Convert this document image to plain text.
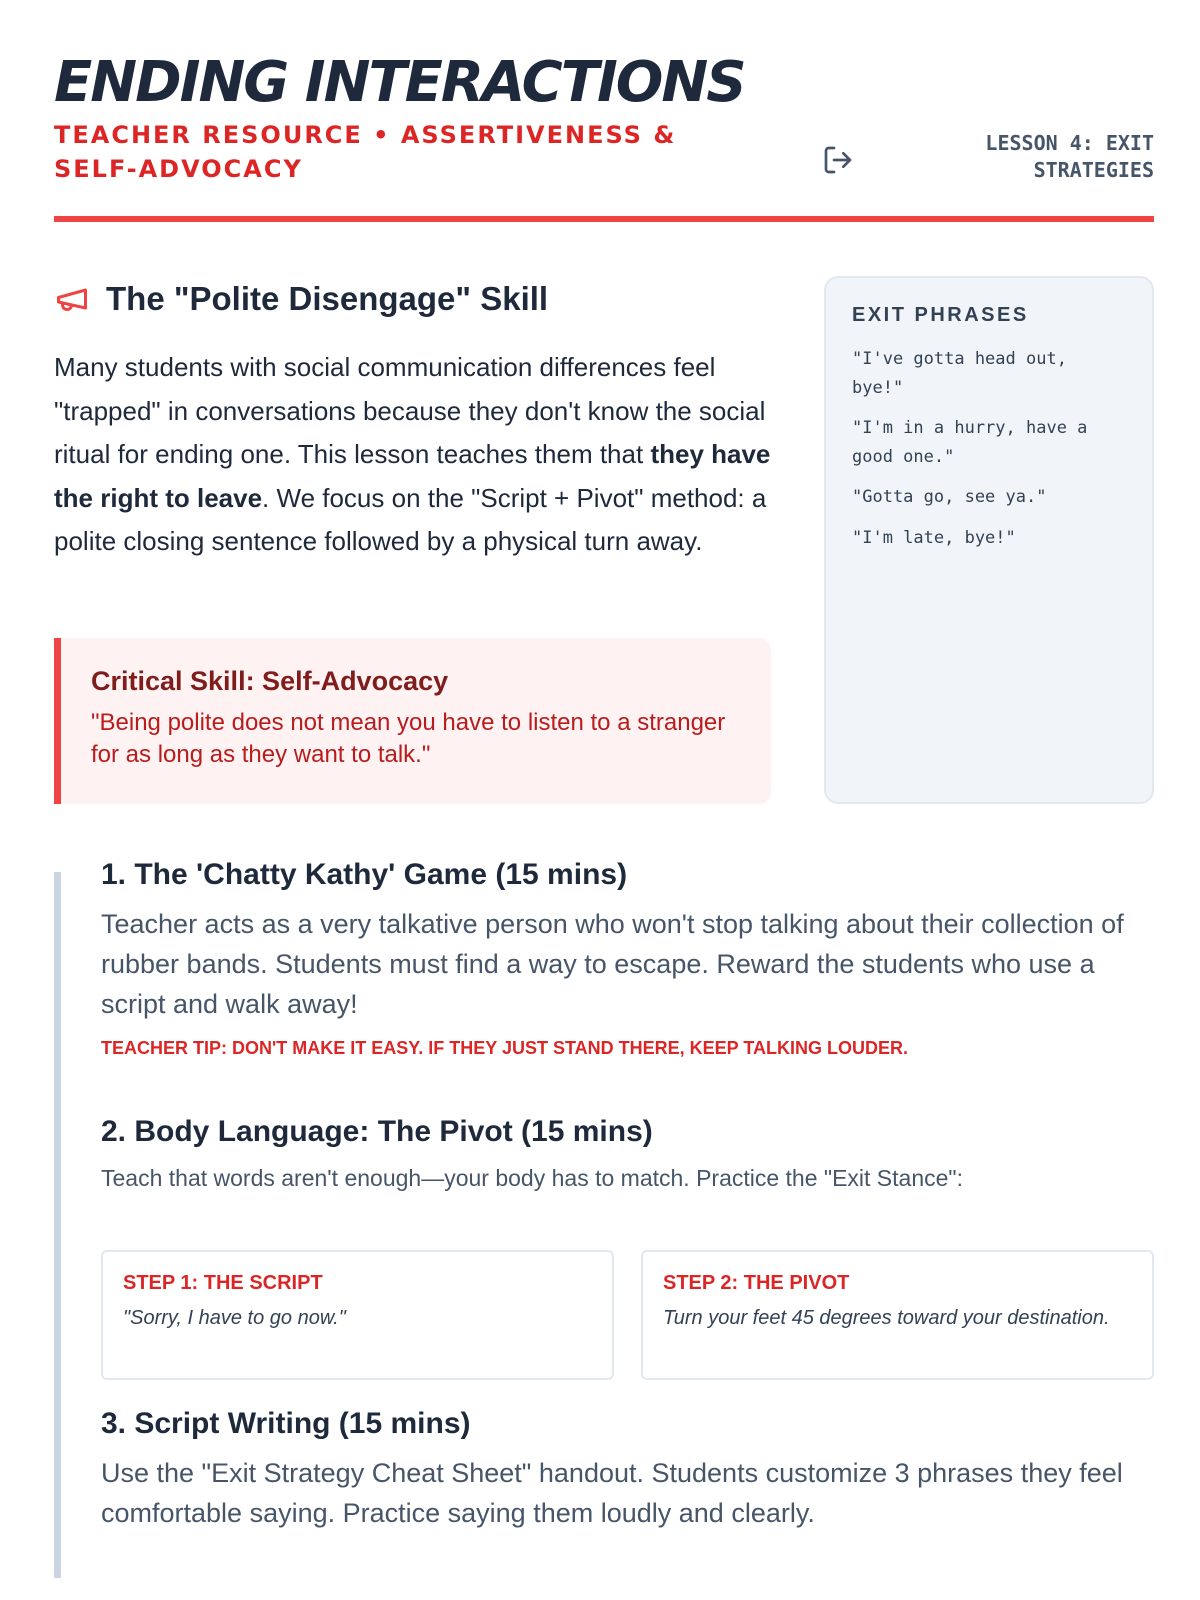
ENDING INTERACTIONS
TEACHER RESOURCE • ASSERTIVENESS & SELF-ADVOCACY
LESSON 4: EXIT STRATEGIES
The "Polite Disengage" Skill

Many students with social communication differences feel "trapped" in conversations because they don't know the social ritual for ending one. This lesson teaches them that they have the right to leave. We focus on the "Script + Pivot" method: a polite closing sentence followed by a physical turn away.

Critical Skill: Self-Advocacy
"Being polite does not mean you have to listen to a stranger for as long as they want to talk."
EXIT PHRASES
"I've gotta head out, bye!"
"I'm in a hurry, have a good one."
"Gotta go, see ya."
"I'm late, bye!"
1. The 'Chatty Kathy' Game (15 mins)

Teacher acts as a very talkative person who won't stop talking about their collection of rubber bands. Students must find a way to escape. Reward the students who use a script and walk away!

TEACHER TIP: DON'T MAKE IT EASY. IF THEY JUST STAND THERE, KEEP TALKING LOUDER.
2. Body Language: The Pivot (15 mins)

Teach that words aren't enough—your body has to match. Practice the "Exit Stance":

STEP 1: THE SCRIPT
"Sorry, I have to go now."
STEP 2: THE PIVOT
Turn your feet 45 degrees toward your destination.
3. Script Writing (15 mins)

Use the "Exit Strategy Cheat Sheet" handout. Students customize 3 phrases they feel comfortable saying. Practice saying them loudly and clearly.
